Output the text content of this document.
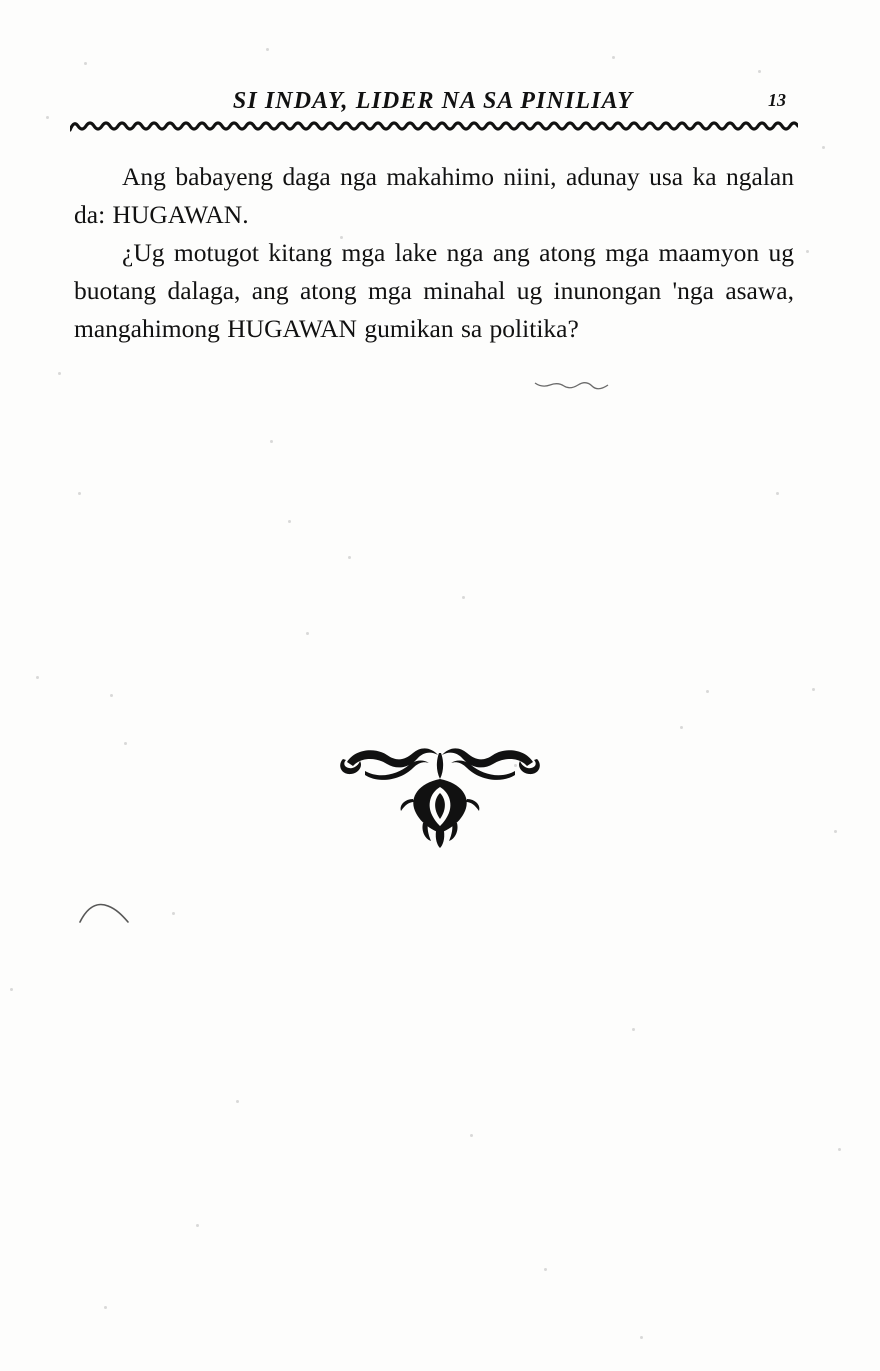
SI INDAY, LIDER NA SA PINILIAY	13

Ang babayeng daga nga makahimo niini, adunay usa ka ngalan da: HUGAWAN.

¿Ug motugot kitang mga lake nga ang atong mga maamyon ug buotang dalaga, ang atong mga minahal ug inunongan 'nga asawa, mangahimong HUGAWAN gumikan sa politika?
